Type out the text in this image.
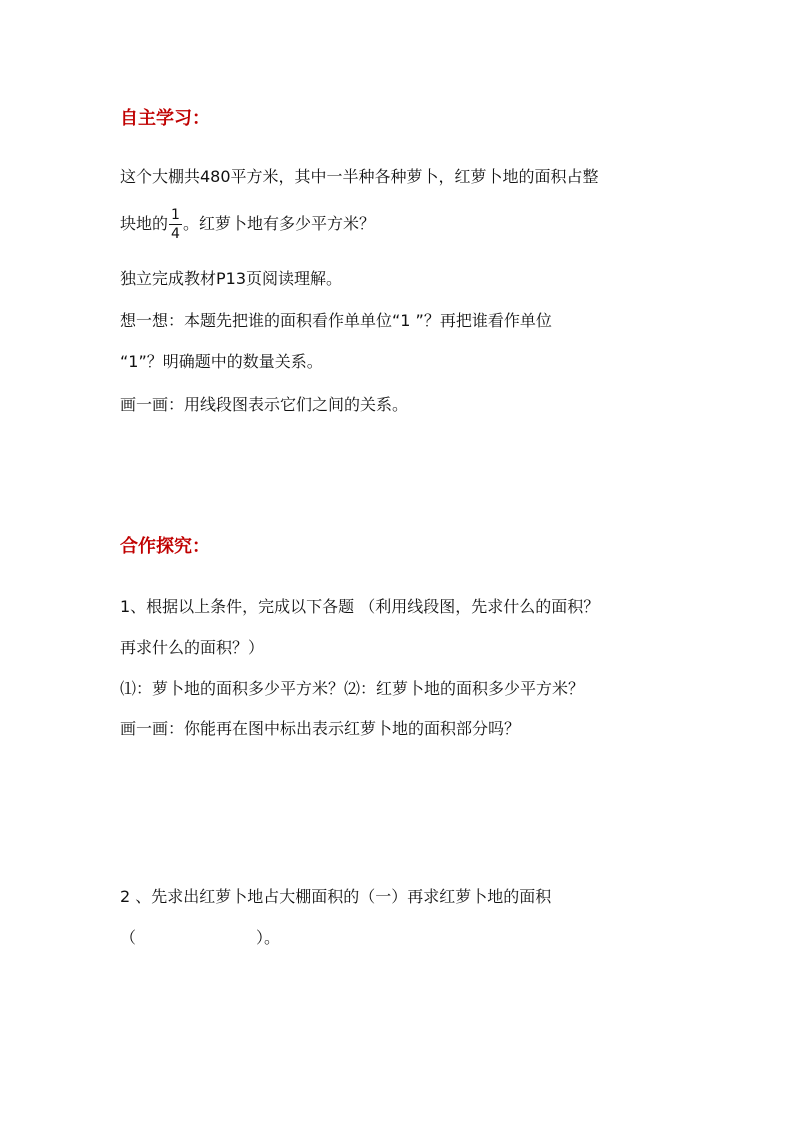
自主学习：
这个大棚共480平方米，其中一半种各种萝卜，红萝卜地的面积占整
块地的 $\frac{1}{4}$ 。红萝卜地有多少平方米？
独立完成教材P13页阅读理解。
想一想：本题先把谁的面积看作单单位“1 ”？再把谁看作单位
“1”？明确题中的数量关系。
画一画：用线段图表示它们之间的关系。
合作探究：
1、根据以上条件，完成以下各题 （利用线段图，先求什么的面积？
再求什么的面积？）
⑴：萝卜地的面积多少平方米？⑵：红萝卜地的面积多少平方米？
画一画：你能再在图中标出表示红萝卜地的面积部分吗？
2 、先求出红萝卜地占大棚面积的（一）再求红萝卜地的面积
（	）。
